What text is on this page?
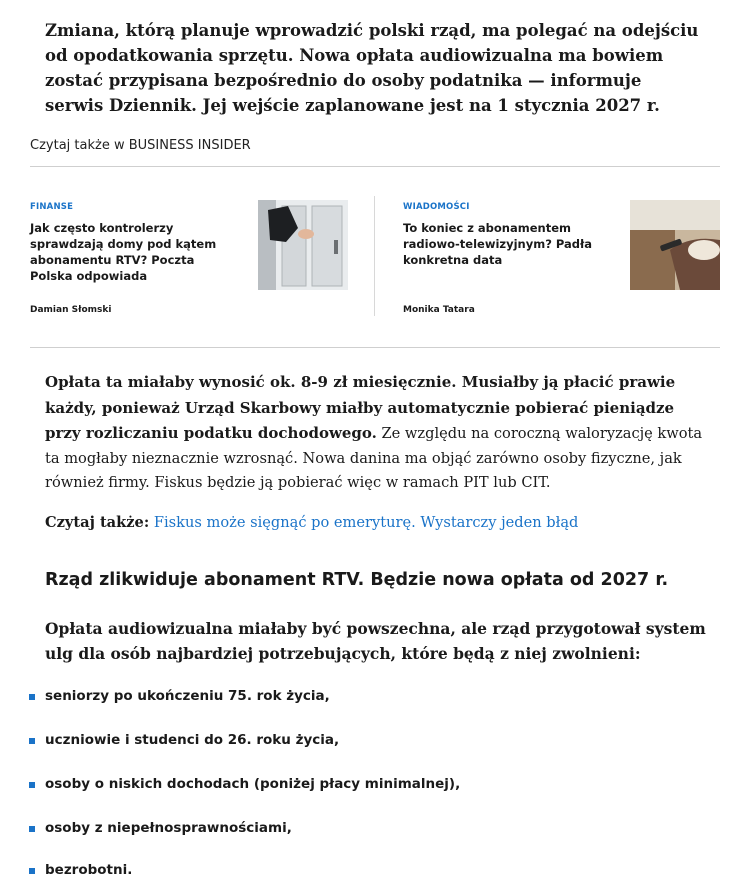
Zmiana, którą planuje wprowadzić polski rząd, ma polegać na odejściu od opodatkowania sprzętu. Nowa opłata audiowizualna ma bowiem zostać przypisana bezpośrednio do osoby podatnika — informuje serwis Dziennik. Jej wejście zaplanowane jest na 1 stycznia 2027 r.

Czytaj także w BUSINESS INSIDER
FINANSE

Jak często kontrolerzy sprawdzają domy pod kątem abonamentu RTV? Poczta Polska odpowiada

Damian Słomski
WIADOMOŚCI

To koniec z abonamentem radiowo-telewizyjnym? Padła konkretna data

Monika Tatara

Opłata ta miałaby wynosić ok. 8-9 zł miesięcznie. Musiałby ją płacić prawie każdy, ponieważ Urząd Skarbowy miałby automatycznie pobierać pieniądze przy rozliczaniu podatku dochodowego. Ze względu na coroczną waloryzację kwota ta mogłaby nieznacznie wzrosnąć. Nowa danina ma objąć zarówno osoby fizyczne, jak również firmy. Fiskus będzie ją pobierać więc w ramach PIT lub CIT.

Czytaj także: Fiskus może sięgnąć po emeryturę. Wystarczy jeden błąd

Rząd zlikwiduje abonament RTV. Będzie nowa opłata od 2027 r.

Opłata audiowizualna miałaby być powszechna, ale rząd przygotował system ulg dla osób najbardziej potrzebujących, które będą z niej zwolnieni:

seniorzy po ukończeniu 75. rok życia,
uczniowie i studenci do 26. roku życia,
osoby o niskich dochodach (poniżej płacy minimalnej),
osoby z niepełnosprawnościami,
bezrobotni.
